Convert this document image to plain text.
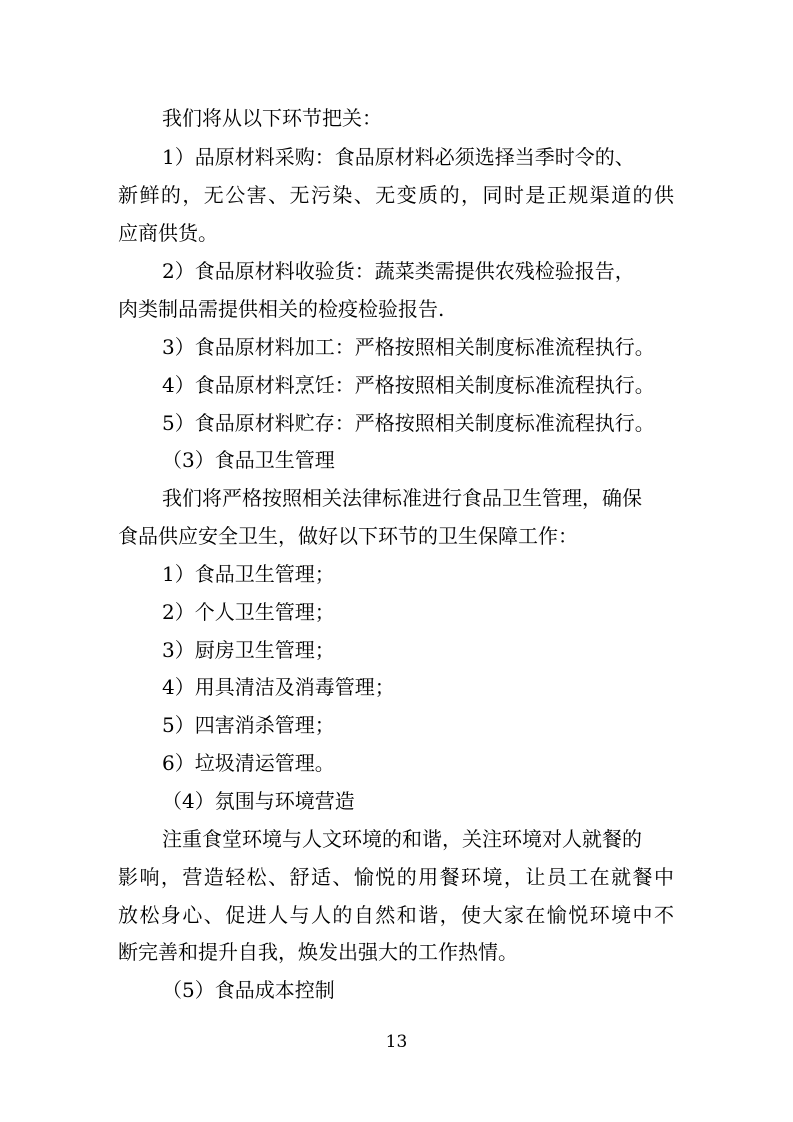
我们将从以下环节把关：
1）品原材料采购：食品原材料必须选择当季时令的、
新鲜的，无公害、无污染、无变质的，同时是正规渠道的供
应商供货。
2）食品原材料收验货：蔬菜类需提供农残检验报告，
肉类制品需提供相关的检疫检验报告.
3）食品原材料加工：严格按照相关制度标准流程执行。
4）食品原材料烹饪：严格按照相关制度标准流程执行。
5）食品原材料贮存：严格按照相关制度标准流程执行。
（3）食品卫生管理
我们将严格按照相关法律标准进行食品卫生管理，确保
食品供应安全卫生，做好以下环节的卫生保障工作：
1）食品卫生管理；
2）个人卫生管理；
3）厨房卫生管理；
4）用具清洁及消毒管理；
5）四害消杀管理；
6）垃圾清运管理。
（4）氛围与环境营造
注重食堂环境与人文环境的和谐，关注环境对人就餐的
影响，营造轻松、舒适、愉悦的用餐环境，让员工在就餐中
放松身心、促进人与人的自然和谐，使大家在愉悦环境中不
断完善和提升自我，焕发出强大的工作热情。
（5）食品成本控制
13
